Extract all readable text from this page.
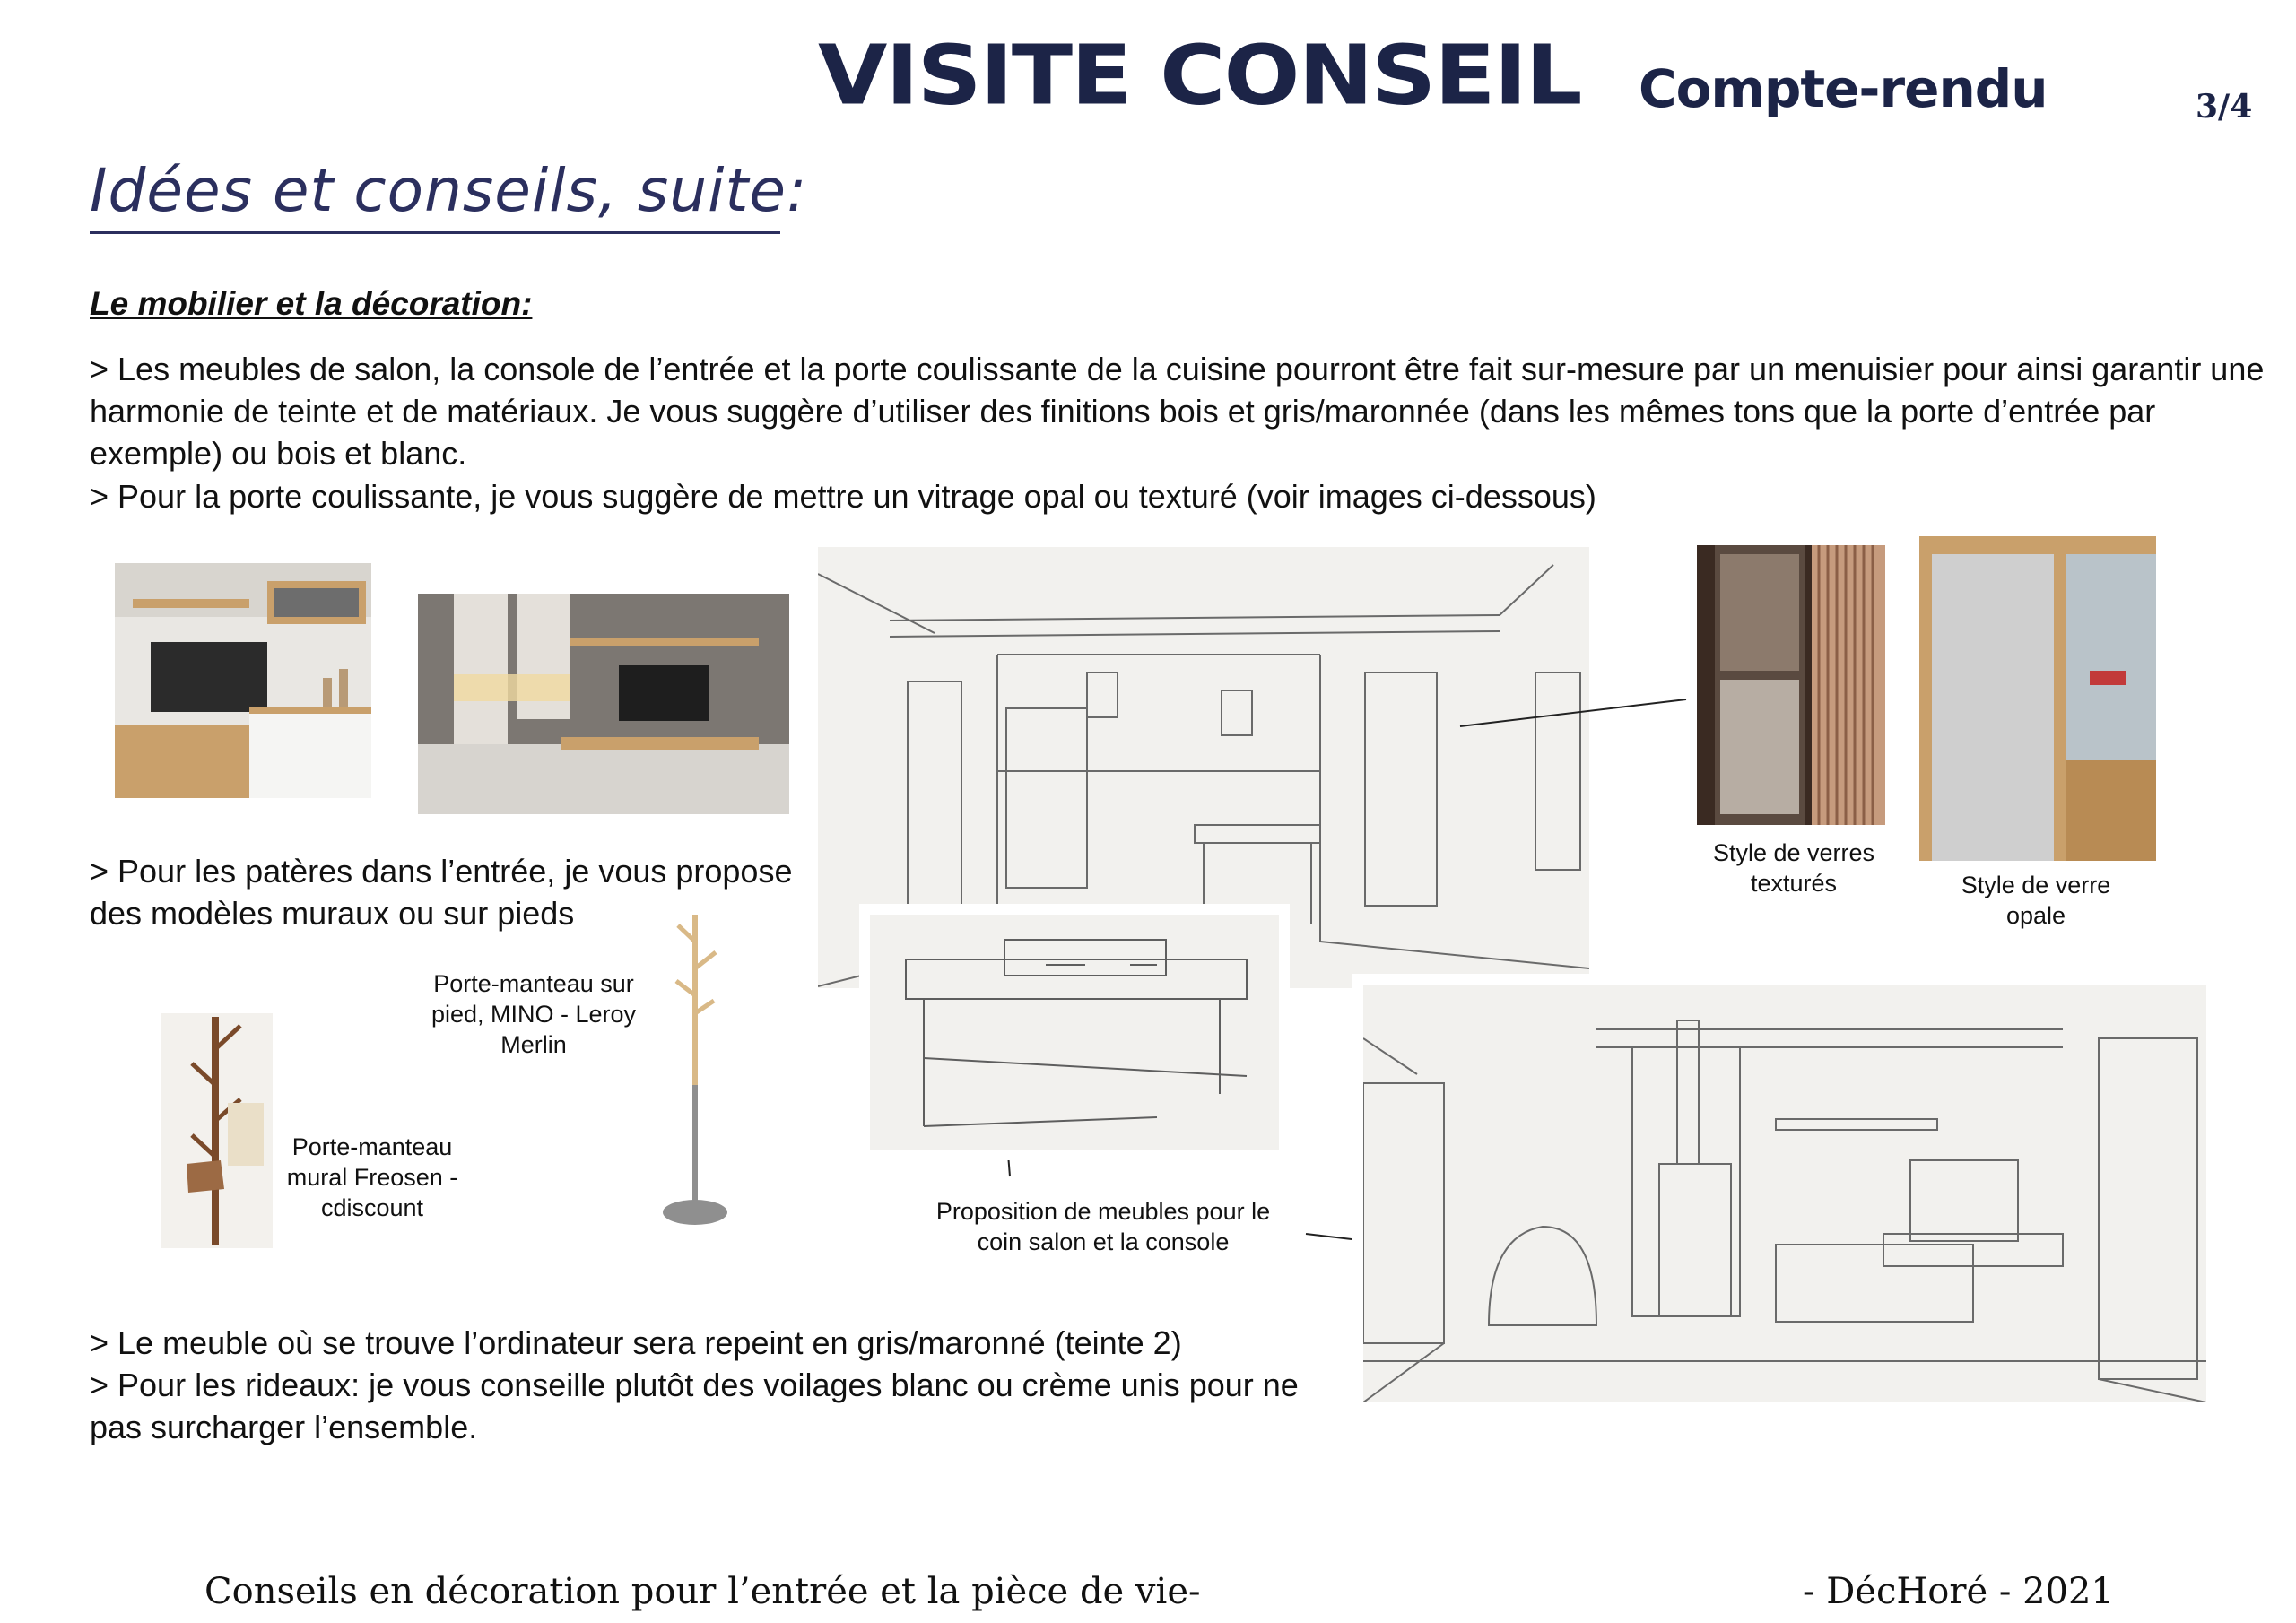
VISITE CONSEIL Compte-rendu	3/4
Idées et conseils, suite:
Le mobilier et la décoration:
> Les meubles de salon, la console de l’entrée et la porte coulissante de la cuisine pourront être fait sur-mesure par un menuisier pour ainsi garantir une harmonie de teinte et de matériaux. Je vous suggère d’utiliser des finitions bois et gris/maronnée (dans les mêmes tons que la porte d’entrée par exemple) ou bois et blanc.
> Pour la porte coulissante, je vous suggère de mettre un vitrage opal ou texturé (voir images ci-dessous)
> Pour les patères dans l’entrée, je vous propose des modèles muraux ou sur pieds
Porte-manteau sur pied, MINO - Leroy Merlin
Porte-manteau mural Freosen - cdiscount
Style de verres texturés	Style de verre opale
Proposition de meubles pour le coin salon et la console
> Le meuble où se trouve l’ordinateur sera repeint en gris/maronné (teinte 2)
> Pour les rideaux: je vous conseille plutôt des voilages blanc ou crème unis pour ne pas surcharger l’ensemble.
Conseils en décoration pour l’entrée et la pièce de vie-	- DécHoré - 2021
